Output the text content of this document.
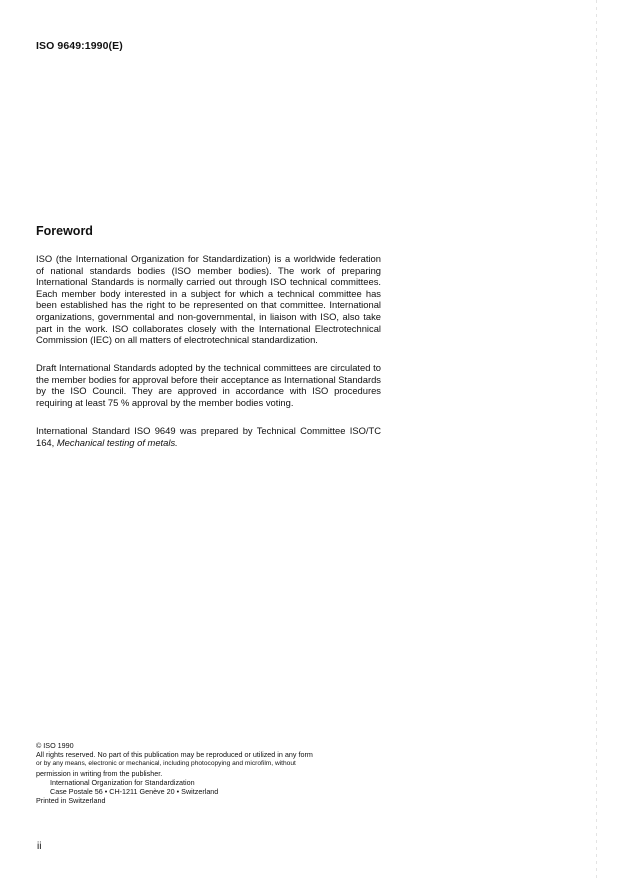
ISO 9649:1990(E)
Foreword

ISO (the International Organization for Standardization) is a worldwide federation of national standards bodies (ISO member bodies). The work of preparing International Standards is normally carried out through ISO technical committees. Each member body interested in a subject for which a technical committee has been established has the right to be represented on that committee. International organizations, governmental and non-governmental, in liaison with ISO, also take part in the work. ISO collaborates closely with the International Electrotechnical Commission (IEC) on all matters of electrotechnical standardization.

Draft International Standards adopted by the technical committees are circulated to the member bodies for approval before their acceptance as International Standards by the ISO Council. They are approved in accordance with ISO procedures requiring at least 75 % approval by the member bodies voting.

International Standard ISO 9649 was prepared by Technical Committee ISO/TC 164, Mechanical testing of metals.

© ISO 1990
All rights reserved. No part of this publication may be reproduced or utilized in any form
or by any means, electronic or mechanical, including photocopying and microfilm, without
permission in writing from the publisher.
International Organization for Standardization
Case Postale 56 • CH-1211 Genève 20 • Switzerland
Printed in Switzerland
ii
